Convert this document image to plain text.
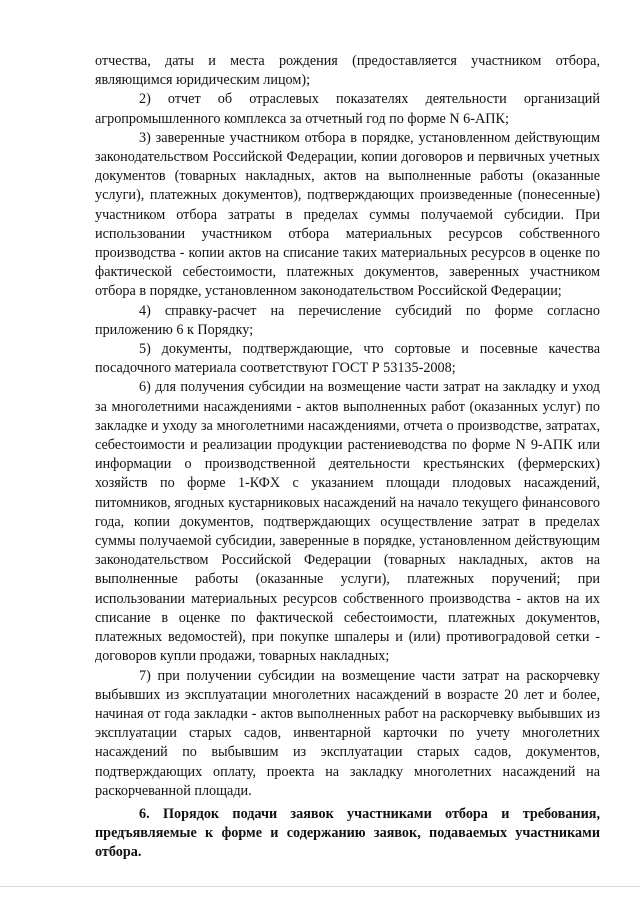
отчества, даты и места рождения (предоставляется участником отбора, являющимся юридическим лицом);

2) отчет об отраслевых показателях деятельности организаций агропромышленного комплекса за отчетный год по форме N 6-АПК;

3) заверенные участником отбора в порядке, установленном действующим законодательством Российской Федерации, копии договоров и первичных учетных документов (товарных накладных, актов на выполненные работы (оказанные услуги), платежных документов), подтверждающих произведенные (понесенные) участником отбора затраты в пределах суммы получаемой субсидии. При использовании участником отбора материальных ресурсов собственного производства - копии актов на списание таких материальных ресурсов в оценке по фактической себестоимости, платежных документов, заверенных участником отбора в порядке, установленном законодательством Российской Федерации;

4) справку-расчет на перечисление субсидий по форме согласно приложению 6 к Порядку;

5) документы, подтверждающие, что сортовые и посевные качества посадочного материала соответствуют ГОСТ Р 53135-2008;

6) для получения субсидии на возмещение части затрат на закладку и уход за многолетними насаждениями - актов выполненных работ (оказанных услуг) по закладке и уходу за многолетними насаждениями, отчета о производстве, затратах, себестоимости и реализации продукции растениеводства по форме N 9-АПК или информации о производственной деятельности крестьянских (фермерских) хозяйств по форме 1-КФХ с указанием площади плодовых насаждений, питомников, ягодных кустарниковых насаждений на начало текущего финансового года, копии документов, подтверждающих осуществление затрат в пределах суммы получаемой субсидии, заверенные в порядке, установленном действующим законодательством Российской Федерации (товарных накладных, актов на выполненные работы (оказанные услуги), платежных поручений; при использовании материальных ресурсов собственного производства - актов на их списание в оценке по фактической себестоимости, платежных документов, платежных ведомостей), при покупке шпалеры и (или) противоградовой сетки - договоров купли продажи, товарных накладных;

7) при получении субсидии на возмещение части затрат на раскорчевку выбывших из эксплуатации многолетних насаждений в возрасте 20 лет и более, начиная от года закладки - актов выполненных работ на раскорчевку выбывших из эксплуатации старых садов, инвентарной карточки по учету многолетних насаждений по выбывшим из эксплуатации старых садов, документов, подтверждающих оплату, проекта на закладку многолетних насаждений на раскорчеванной площади.

6. Порядок подачи заявок участниками отбора и требования, предъявляемые к форме и содержанию заявок, подаваемых участниками отбора.
